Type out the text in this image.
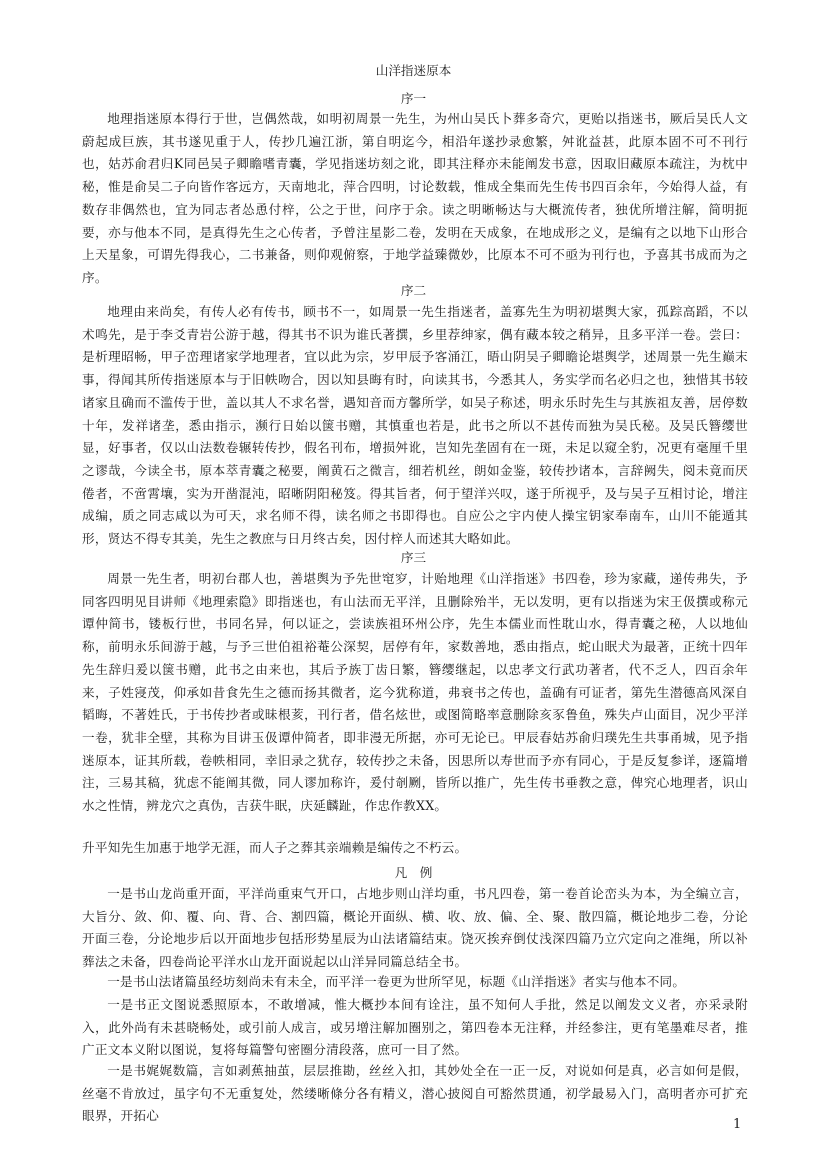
山洋指迷原本
序一
地理指迷原本得行于世，岂偶然哉，如明初周景一先生，为州山吴氏卜葬多奇穴，更贻以指迷书，厥后吴氏人文蔚起成巨族，其书遂见重于人，传抄几遍江浙，第自明迄今，相沿年遂抄录愈繁，舛讹益甚，此原本固不可不刊行也，姑苏俞君归K同邑吴子卿瞻嗜青囊，学见指迷坊刻之讹，即其注释亦未能阐发书意，因取旧藏原本疏注，为枕中秘，惟是俞吴二子向皆作客远方，天南地北，萍合四明，讨论数载，惟成全集而先生传书四百余年，今始得人益，有数存非偶然也，宜为同志者怂恿付梓，公之于世，问序于余。读之明晰畅达与大概流传者，独优所增注解，简明扼要，亦与他本不同，是真得先生之心传者，予曾注星影二卷，发明在天成象，在地成形之义，是编有之以地下山形合上天星象，可谓先得我心，二书兼备，则仰观俯察，于地学益臻微妙，比原本不可不亟为刊行也，予喜其书成而为之序。
序二
地理由来尚矣，有传人必有传书，顾书不一，如周景一先生指迷者，盖寡先生为明初堪舆大家，孤踪高蹈，不以术鸣先，是于李爻青岩公游于越，得其书不识为谁氏著撰，乡里荐绅家，偶有藏本较之稍异，且多平洋一卷。尝曰：是析理昭畅，甲子峦理诸家学地理者，宜以此为宗，岁甲辰予客涌江，晤山阴吴子卿瞻论堪舆学，述周景一先生巅末事，得闻其所传指迷原本与于旧帙吻合，因以知县晦有时，向读其书，今悉其人，务实学而名必归之也，独惜其书较诸家且确而不滥传于世，盖以其人不求名誉，遇知音而方馨所学，如吴子称述，明永乐时先生与其族祖友善，居停数十年，发祥诸垄，悉由指示，濒行日始以箧书赠，其慎重也若是，此书之所以不甚传而独为吴氏秘。及吴氏簪缨世显，好事者，仅以山法数卷辗转传抄，假名刊布，增损舛讹，岂知先垄固有在一斑，未足以窥全豹，况更有毫厘千里之谬哉，今读全书，原本萃青囊之秘要，阐黄石之微言，细若机丝，朗如金鉴，较传抄诸本，言辞阙失，阅未竟而厌倦者，不啻霄壤，实为开凿混沌，昭晰阴阳秘笈。得其旨者，何于望洋兴叹，遂于所视乎，及与吴子互相讨论，增注成编，质之同志咸以为可天，求名师不得，读名师之书即得也。自应公之宇内使人操宝钥家奉南车，山川不能遁其形，贤达不得专其美，先生之教庶与日月终古矣，因付梓人而述其大略如此。
序三
周景一先生者，明初台郡人也，善堪舆为予先世窀穸，计贻地理《山洋指迷》书四卷，珍为家藏，递传弗失，予同客四明见目讲师《地理索隐》即指迷也，有山法而无平洋，且删除殆半，无以发明，更有以指迷为宋王伋撰或称元谭仲简书，镂板行世，书同名异，何以证之，尝读族祖环州公序，先生本儒业而性耽山水，得青囊之秘，人以地仙称，前明永乐间游于越，与予三世伯祖裕菴公深契，居停有年，家数善地，悉由指点，蛇山眠犬为最著，正统十四年先生辞归爰以箧书赠，此书之由来也，其后予族丁齿日繁，簪缨继起，以忠孝文行武功著者，代不乏人，四百余年来，子姓寖茂，仰承如昔食先生之德而扬其微者，迄今犹称道，弗衰书之传也，盖确有可证者，第先生潜德高风深自韬晦，不著姓氏，于书传抄者或昧根荄，刊行者，借名炫世，或图简略率意删除亥豕鲁鱼，殊失卢山面目，况少平洋一卷，犹非全壁，其称为目讲玉伋谭仲简者，即非漫无所据，亦可无论已。甲辰春姑苏俞归璞先生共事甬城，见予指迷原本，证其所载，卷帙相同，幸旧录之犹存，较传抄之未备，因思所以寿世而予亦有同心，于是反复参详，逐篇增注，三易其稿，犹虑不能阐其微，同人谬加称许，爰付剞劂，皆所以推广，先生传书垂教之意，俾究心地理者，识山水之性情，辨龙穴之真伪，吉获牛眠，庆延麟趾，作忠作教XX。
升平知先生加惠于地学无涯，而人子之葬其亲端赖是编传之不朽云。
凡　例
一是书山龙尚重开面，平洋尚重束气开口，占地步则山洋均重，书凡四卷，第一卷首论峦头为本，为全编立言，大旨分、敛、仰、覆、向、背、合、割四篇，概论开面纵、横、收、放、偏、全、聚、散四篇，概论地步二卷，分论开面三卷，分论地步后以开面地步包括形势星辰为山法诸篇结束。饶灭挨弃倒仗浅深四篇乃立穴定向之准绳，所以补葬法之未备，四卷尚论平洋水山龙开面说起以山洋异同篇总结全书。
一是书山法诸篇虽经坊刻尚未有未全，而平洋一卷更为世所罕见，标题《山洋指迷》者实与他本不同。
一是书正文图说悉照原本，不敢增减，惟大概抄本间有诠注，虽不知何人手批，然足以阐发文义者，亦采录附入，此外尚有未甚晓畅处，或引前人成言，或另增注解加圈别之，第四卷本无注释，并经参注，更有笔墨难尽者，推广正文本义附以图说，复将每篇警句密圈分清段落，庶可一目了然。
一是书娓娓数篇，言如剥蕉抽茧，层层推勘，丝丝入扣，其妙处全在一正一反，对说如何是真，必言如何是假，丝毫不肯放过，虽字句不无重复处，然缕晰條分各有精义，潜心披阅自可豁然贯通，初学最易入门，高明者亦可扩充眼界，开拓心
1
